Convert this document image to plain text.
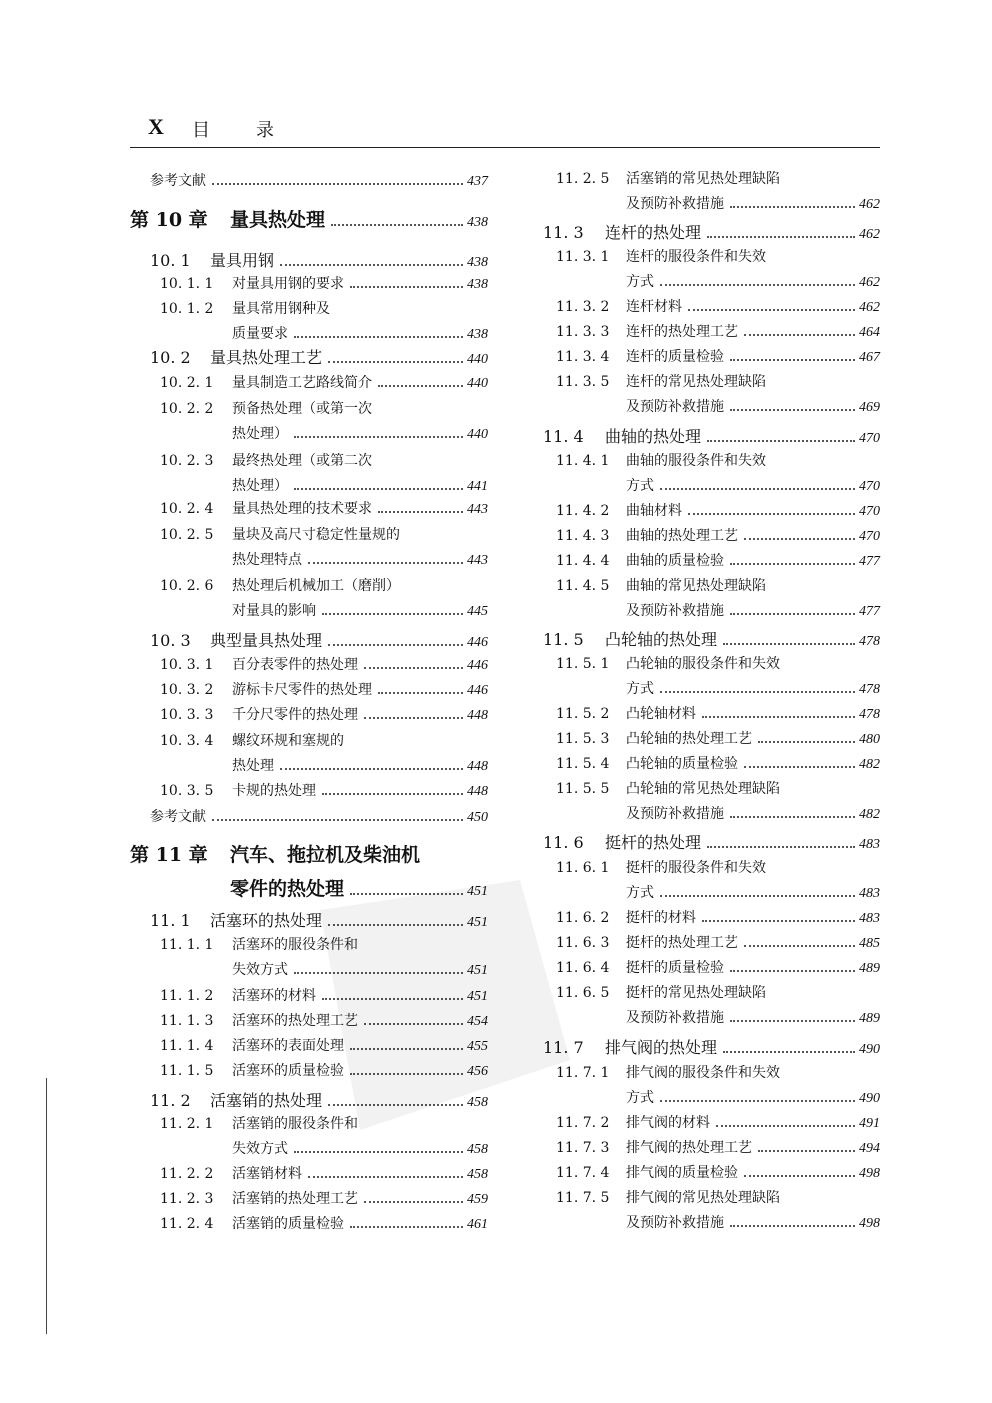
X 目	录
参考文献	437
第 10 章	量具热处理	438
10. 1	量具用钢	438
10. 1. 1	对量具用钢的要求	438
10. 1. 2	量具常用钢种及
质量要求	438
10. 2	量具热处理工艺	440
10. 2. 1	量具制造工艺路线简介	440
10. 2. 2	预备热处理（或第一次
热处理）	440
10. 2. 3	最终热处理（或第二次
热处理）	441
10. 2. 4	量具热处理的技术要求	443
10. 2. 5	量块及高尺寸稳定性量规的
热处理特点	443
10. 2. 6	热处理后机械加工（磨削）
对量具的影响	445
10. 3	典型量具热处理	446
10. 3. 1	百分表零件的热处理	446
10. 3. 2	游标卡尺零件的热处理	446
10. 3. 3	千分尺零件的热处理	448
10. 3. 4	螺纹环规和塞规的
热处理	448
10. 3. 5	卡规的热处理	448
参考文献	450
第 11 章	汽车、拖拉机及柴油机
零件的热处理	451
11. 1	活塞环的热处理	451
11. 1. 1	活塞环的服役条件和
失效方式	451
11. 1. 2	活塞环的材料	451
11. 1. 3	活塞环的热处理工艺	454
11. 1. 4	活塞环的表面处理	455
11. 1. 5	活塞环的质量检验	456
11. 2	活塞销的热处理	458
11. 2. 1	活塞销的服役条件和
失效方式	458
11. 2. 2	活塞销材料	458
11. 2. 3	活塞销的热处理工艺	459
11. 2. 4	活塞销的质量检验	461
11. 2. 5	活塞销的常见热处理缺陷
及预防补救措施	462
11. 3	连杆的热处理	462
11. 3. 1	连杆的服役条件和失效
方式	462
11. 3. 2	连杆材料	462
11. 3. 3	连杆的热处理工艺	464
11. 3. 4	连杆的质量检验	467
11. 3. 5	连杆的常见热处理缺陷
及预防补救措施	469
11. 4	曲轴的热处理	470
11. 4. 1	曲轴的服役条件和失效
方式	470
11. 4. 2	曲轴材料	470
11. 4. 3	曲轴的热处理工艺	470
11. 4. 4	曲轴的质量检验	477
11. 4. 5	曲轴的常见热处理缺陷
及预防补救措施	477
11. 5	凸轮轴的热处理	478
11. 5. 1	凸轮轴的服役条件和失效
方式	478
11. 5. 2	凸轮轴材料	478
11. 5. 3	凸轮轴的热处理工艺	480
11. 5. 4	凸轮轴的质量检验	482
11. 5. 5	凸轮轴的常见热处理缺陷
及预防补救措施	482
11. 6	挺杆的热处理	483
11. 6. 1	挺杆的服役条件和失效
方式	483
11. 6. 2	挺杆的材料	483
11. 6. 3	挺杆的热处理工艺	485
11. 6. 4	挺杆的质量检验	489
11. 6. 5	挺杆的常见热处理缺陷
及预防补救措施	489
11. 7	排气阀的热处理	490
11. 7. 1	排气阀的服役条件和失效
方式	490
11. 7. 2	排气阀的材料	491
11. 7. 3	排气阀的热处理工艺	494
11. 7. 4	排气阀的质量检验	498
11. 7. 5	排气阀的常见热处理缺陷
及预防补救措施	498
